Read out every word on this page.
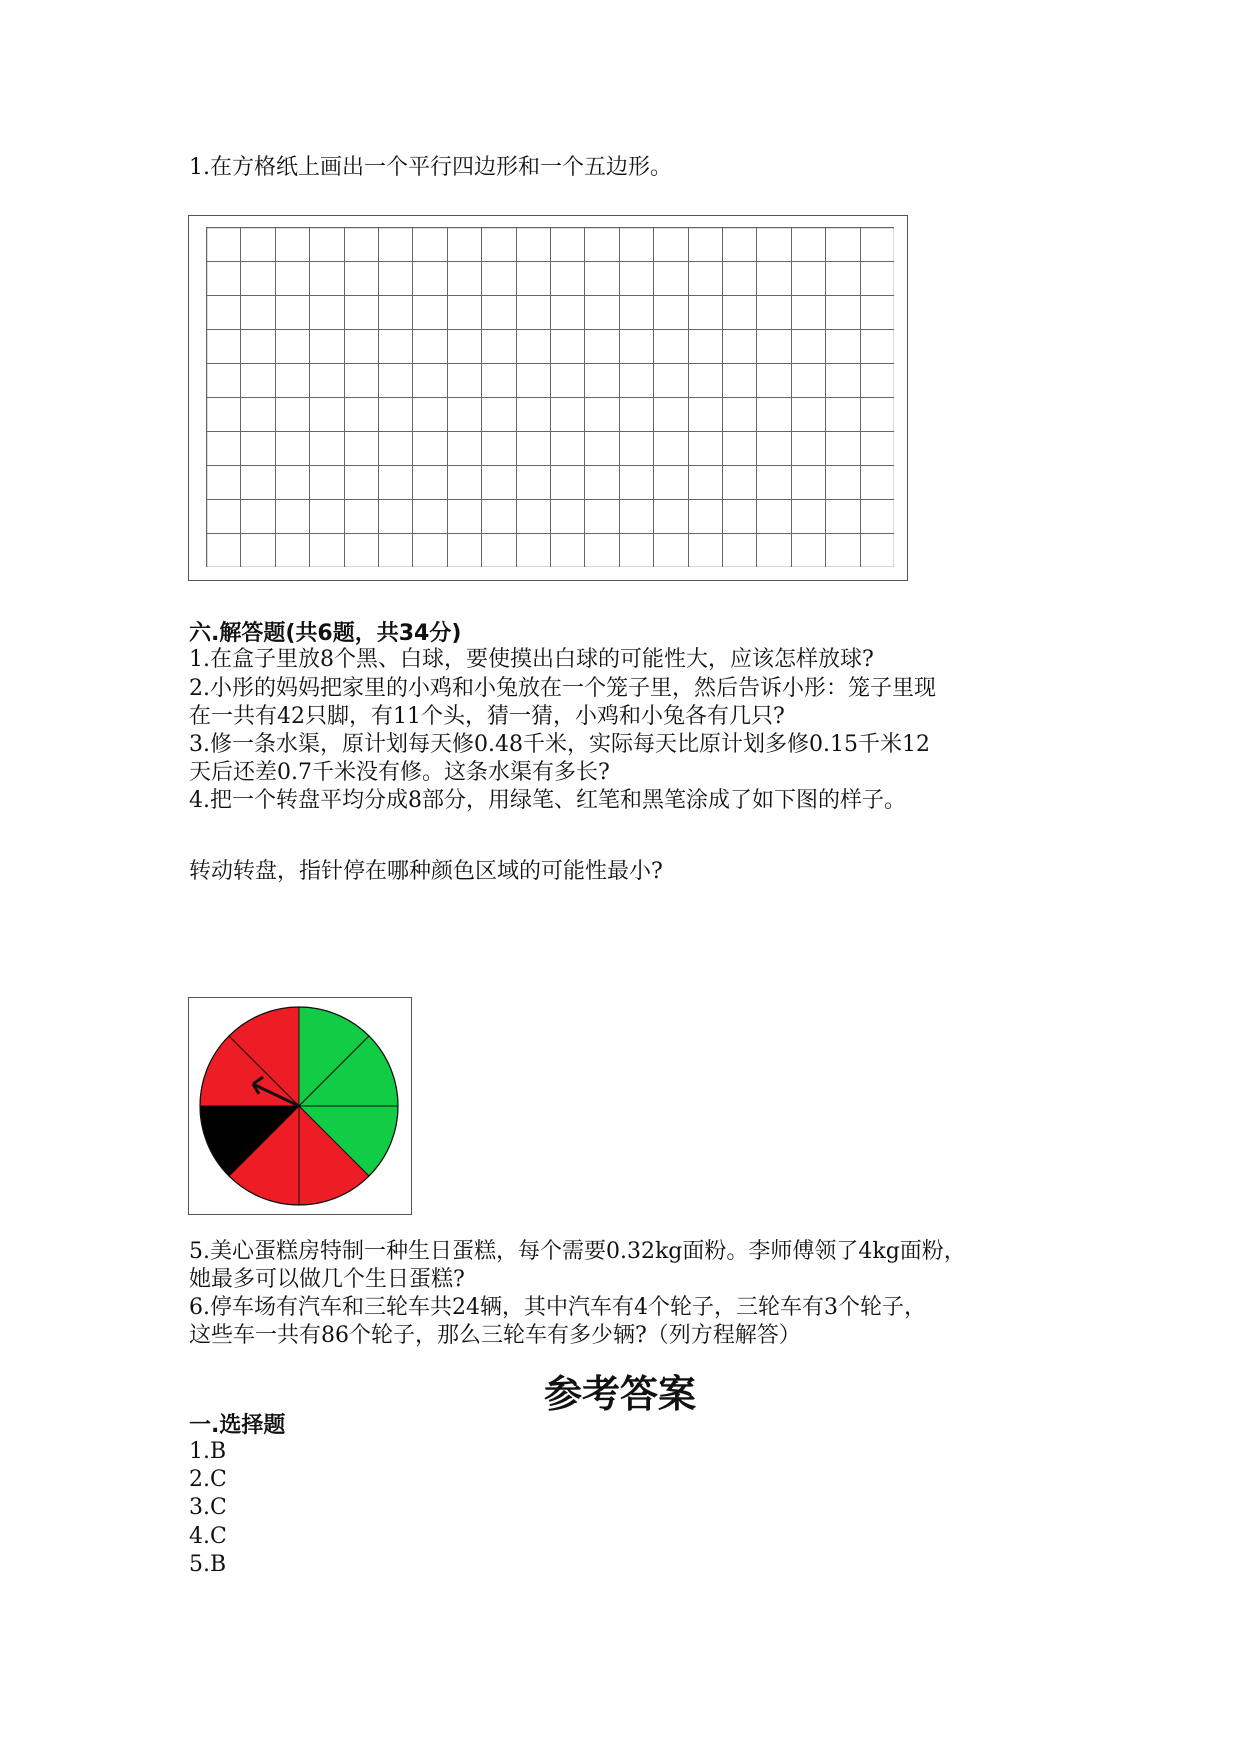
1.在方格纸上画出一个平行四边形和一个五边形。
六.解答题(共6题，共34分)
1.在盒子里放8个黑、白球，要使摸出白球的可能性大，应该怎样放球?
2.小彤的妈妈把家里的小鸡和小兔放在一个笼子里，然后告诉小彤：笼子里现
在一共有42只脚，有11个头，猜一猜，小鸡和小兔各有几只?
3.修一条水渠，原计划每天修0.48千米，实际每天比原计划多修0.15千米12
天后还差0.7千米没有修。这条水渠有多长?
4.把一个转盘平均分成8部分，用绿笔、红笔和黑笔涂成了如下图的样子。
转动转盘，指针停在哪种颜色区域的可能性最小?
5.美心蛋糕房特制一种生日蛋糕，每个需要0.32kg面粉。李师傅领了4kg面粉，
她最多可以做几个生日蛋糕?
6.停车场有汽车和三轮车共24辆，其中汽车有4个轮子，三轮车有3个轮子，
这些车一共有86个轮子，那么三轮车有多少辆?（列方程解答）
参考答案
一.选择题
1.B
2.C
3.C
4.C
5.B
